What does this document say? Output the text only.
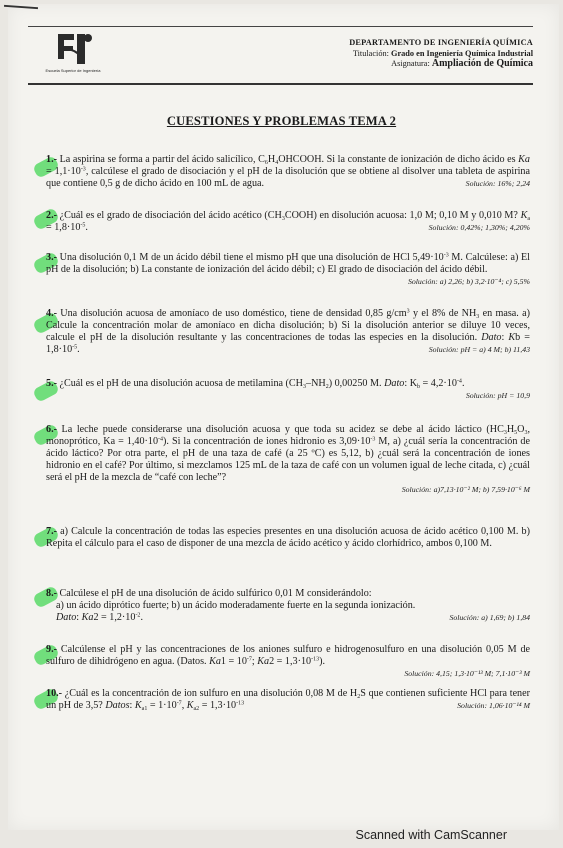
Escuela Superior de Ingeniería
DEPARTAMENTO DE INGENIERÍA QUÍMICA
Titulación: Grado en Ingeniería Química Industrial
Asignatura: Ampliación de Química
CUESTIONES Y PROBLEMAS TEMA 2
1.- La aspirina se forma a partir del ácido salicílico, $C_6H_4OHCOOH$. Si la constante de ionización de dicho ácido es $Ka = 1,1\cdot 10^{-3}$, calcúlese el grado de disociación y el pH de la disolución que se obtiene al disolver una tableta de aspirina que contiene 0,5 g de dicho ácido en 100 mL de agua.	Solución: 16%; 2,24
2.- ¿Cuál es el grado de disociación del ácido acético $(CH_3COOH)$ en disolución acuosa: 1,0 M; 0,10 M y 0,010 M? $K_a = 1,8\cdot 10^{-5}$.	Solución: 0,42%; 1,30%; 4,20%
3.- Una disolución 0,1 M de un ácido débil tiene el mismo pH que una disolución de HCl $5,49\cdot 10^{-3}$ M. Calcúlese: a) El pH de la disolución; b) La constante de ionización del ácido débil; c) El grado de disociación del ácido débil.
Solución: a) 2,26; b) 3,2·10⁻⁴; c) 5,5%
4.- Una disolución acuosa de amoníaco de uso doméstico, tiene de densidad 0,85 $g/cm^3$ y el 8% de $NH_3$ en masa. a) Calcule la concentración molar de amoníaco en dicha disolución; b) Si la disolución anterior se diluye 10 veces, calcule el pH de la disolución resultante y las concentraciones de todas las especies en la disolución. Dato: $Kb = 1,8\cdot 10^{-5}$.	Solución: pH = a) 4 M; b) 11,43
5.- ¿Cuál es el pH de una disolución acuosa de metilamina $(CH_3-NH_2)$ 0,00250 M. Dato: $K_b = 4,2\cdot 10^{-4}$.
Solución: pH = 10,9
6.- La leche puede considerarse una disolución acuosa y que toda su acidez se debe al ácido láctico ($HC_3H_5O_3$, monoprótico, $Ka = 1,40\cdot 10^{-4}$). Si la concentración de iones hidronio es $3,09\cdot 10^{-3}$ M, a) ¿cuál sería la concentración de ácido láctico? Por otra parte, el pH de una taza de café (a 25 ºC) es 5,12, b) ¿cuál será la concentración de iones hidronio en el café? Por último, si mezclamos 125 mL de la taza de café con un volumen igual de leche citada, c) ¿cuál será el pH de la mezcla de “café con leche”?
Solución: a)7,13·10⁻² M; b) 7,59·10⁻⁶ M
7.- a) Calcule la concentración de todas las especies presentes en una disolución acuosa de ácido acético 0,100 M. b) Repita el cálculo para el caso de disponer de una mezcla de ácido acético y ácido clorhídrico, ambos 0,100 M.
8.- Calcúlese el pH de una disolución de ácido sulfúrico 0,01 M considerándolo:
a) un ácido diprótico fuerte; b) un ácido moderadamente fuerte en la segunda ionización.
Dato: $Ka2 = 1,2\cdot 10^{-2}$.	Solución: a) 1,69; b) 1,84
9.- Calcúlense el pH y las concentraciones de los aniones sulfuro e hidrogenosulfuro en una disolución 0,05 M de sulfuro de dihidrógeno en agua. (Datos. $Ka1 = 10^{-7}$; $Ka2 = 1,3\cdot 10^{-13}$).
Solución: 4,15; 1,3·10⁻¹³ M; 7,1·10⁻³ M
10.- ¿Cuál es la concentración de ion sulfuro en una disolución 0,08 M de $H_2S$ que contienen suficiente HCl para tener un pH de 3,5? Datos: $K_{a1} = 1\cdot 10^{-7}$, $K_{a2} = 1,3\cdot 10^{-13}$	Solución: 1,06·10⁻¹⁴ M
Scanned with CamScanner
